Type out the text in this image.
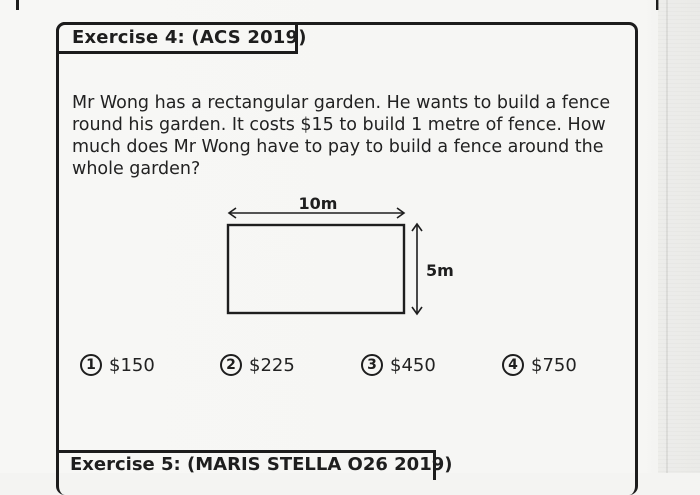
Exercise 4: (ACS 2019)

Mr Wong has a rectangular garden. He wants to build a fence round his garden. It costs $15 to build 1 metre of fence. How much does Mr Wong have to pay to build a fence around the whole garden?

10m
5m
1 $150	2 $225	3 $450	4 $750
Exercise 5: (MARIS STELLA O26 2019)
